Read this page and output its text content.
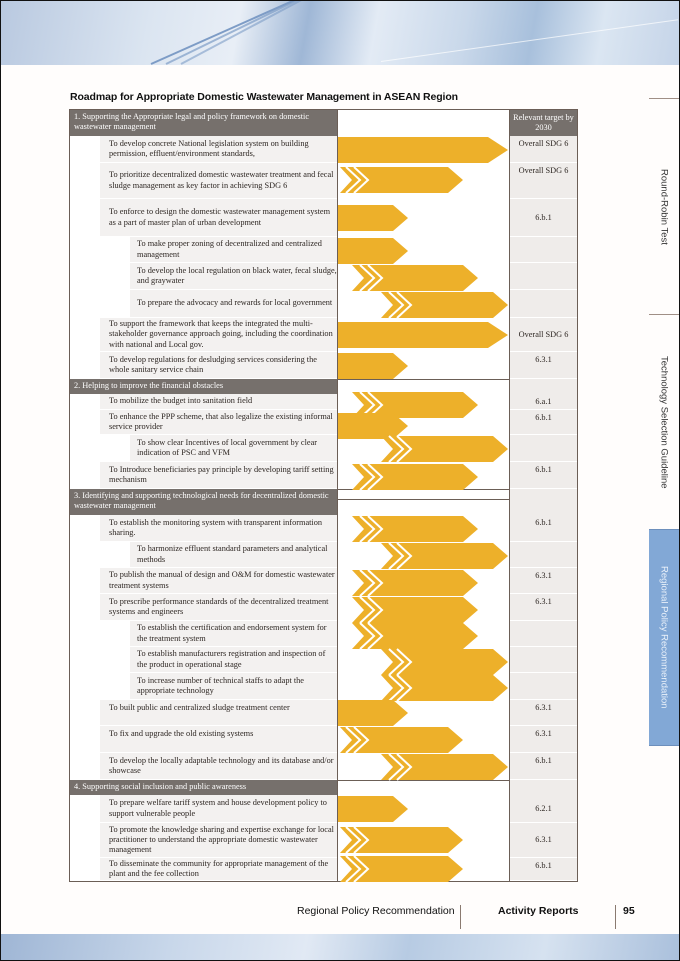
Roadmap for Appropriate Domestic Wastewater Management in ASEAN Region
Relevant target by 2030
1. Supporting the Appropriate legal and policy framework on domestic wastewater management
To develop concrete National legislation system on building permission, effluent/environment standards,
Overall SDG 6
To prioritize decentralized domestic wastewater treatment and fecal sludge management as key factor in achieving SDG 6
Overall SDG 6
To enforce to design the domestic wastewater management system as a part of master plan of urban development
6.b.1
To make proper zoning of decentralized and centralized management
To develop the local regulation on black water, fecal sludge, and graywater
To prepare the advocacy and rewards for local government
To support the framework that keeps the integrated the multi-stakeholder governance approach going, including the coordination with national and Local gov.
Overall SDG 6
To develop regulations for desludging services considering the whole sanitary service chain
6.3.1
2. Helping to improve the financial obstacles
To mobilize the budget into sanitation field	6.a.1
To enhance the PPP scheme, that also legalize the existing informal service provider
6.b.1
To show clear Incentives of local government by clear indication of PSC and VFM
To Introduce beneficiaries pay principle by developing tariff setting mechanism
6.b.1
3. Identifying and supporting technological needs for decentralized domestic wastewater management
To establish the monitoring system with transparent information sharing.
6.b.1
To harmonize effluent standard parameters and analytical methods
To publish the manual of design and O&M for domestic wastewater treatment systems
6.3.1
To prescribe performance standards of the decentralized treatment systems and engineers
6.3.1
To establish the certification and endorsement system for the treatment system
To establish manufacturers registration and inspection of the product in operational stage
To increase number of technical staffs to adapt the appropriate technology
To built public and centralized sludge treatment center	6.3.1
To fix and upgrade the old existing systems	6.3.1
To develop the locally adaptable technology and its database and/or showcase
6.b.1
4. Supporting social inclusion and public awareness
To prepare welfare tariff system and house development policy to support vulnerable people
6.2.1
To promote the knowledge sharing and expertise exchange for local practitioner to understand the appropriate domestic wastewater management
6.3.1
To disseminate the community for appropriate management of the plant and the fee collection
6.b.1
Round-Robin Test
Technology Selection Guideline
Regional Policy Recommendation
Regional Policy Recommendation	Activity Reports	95
